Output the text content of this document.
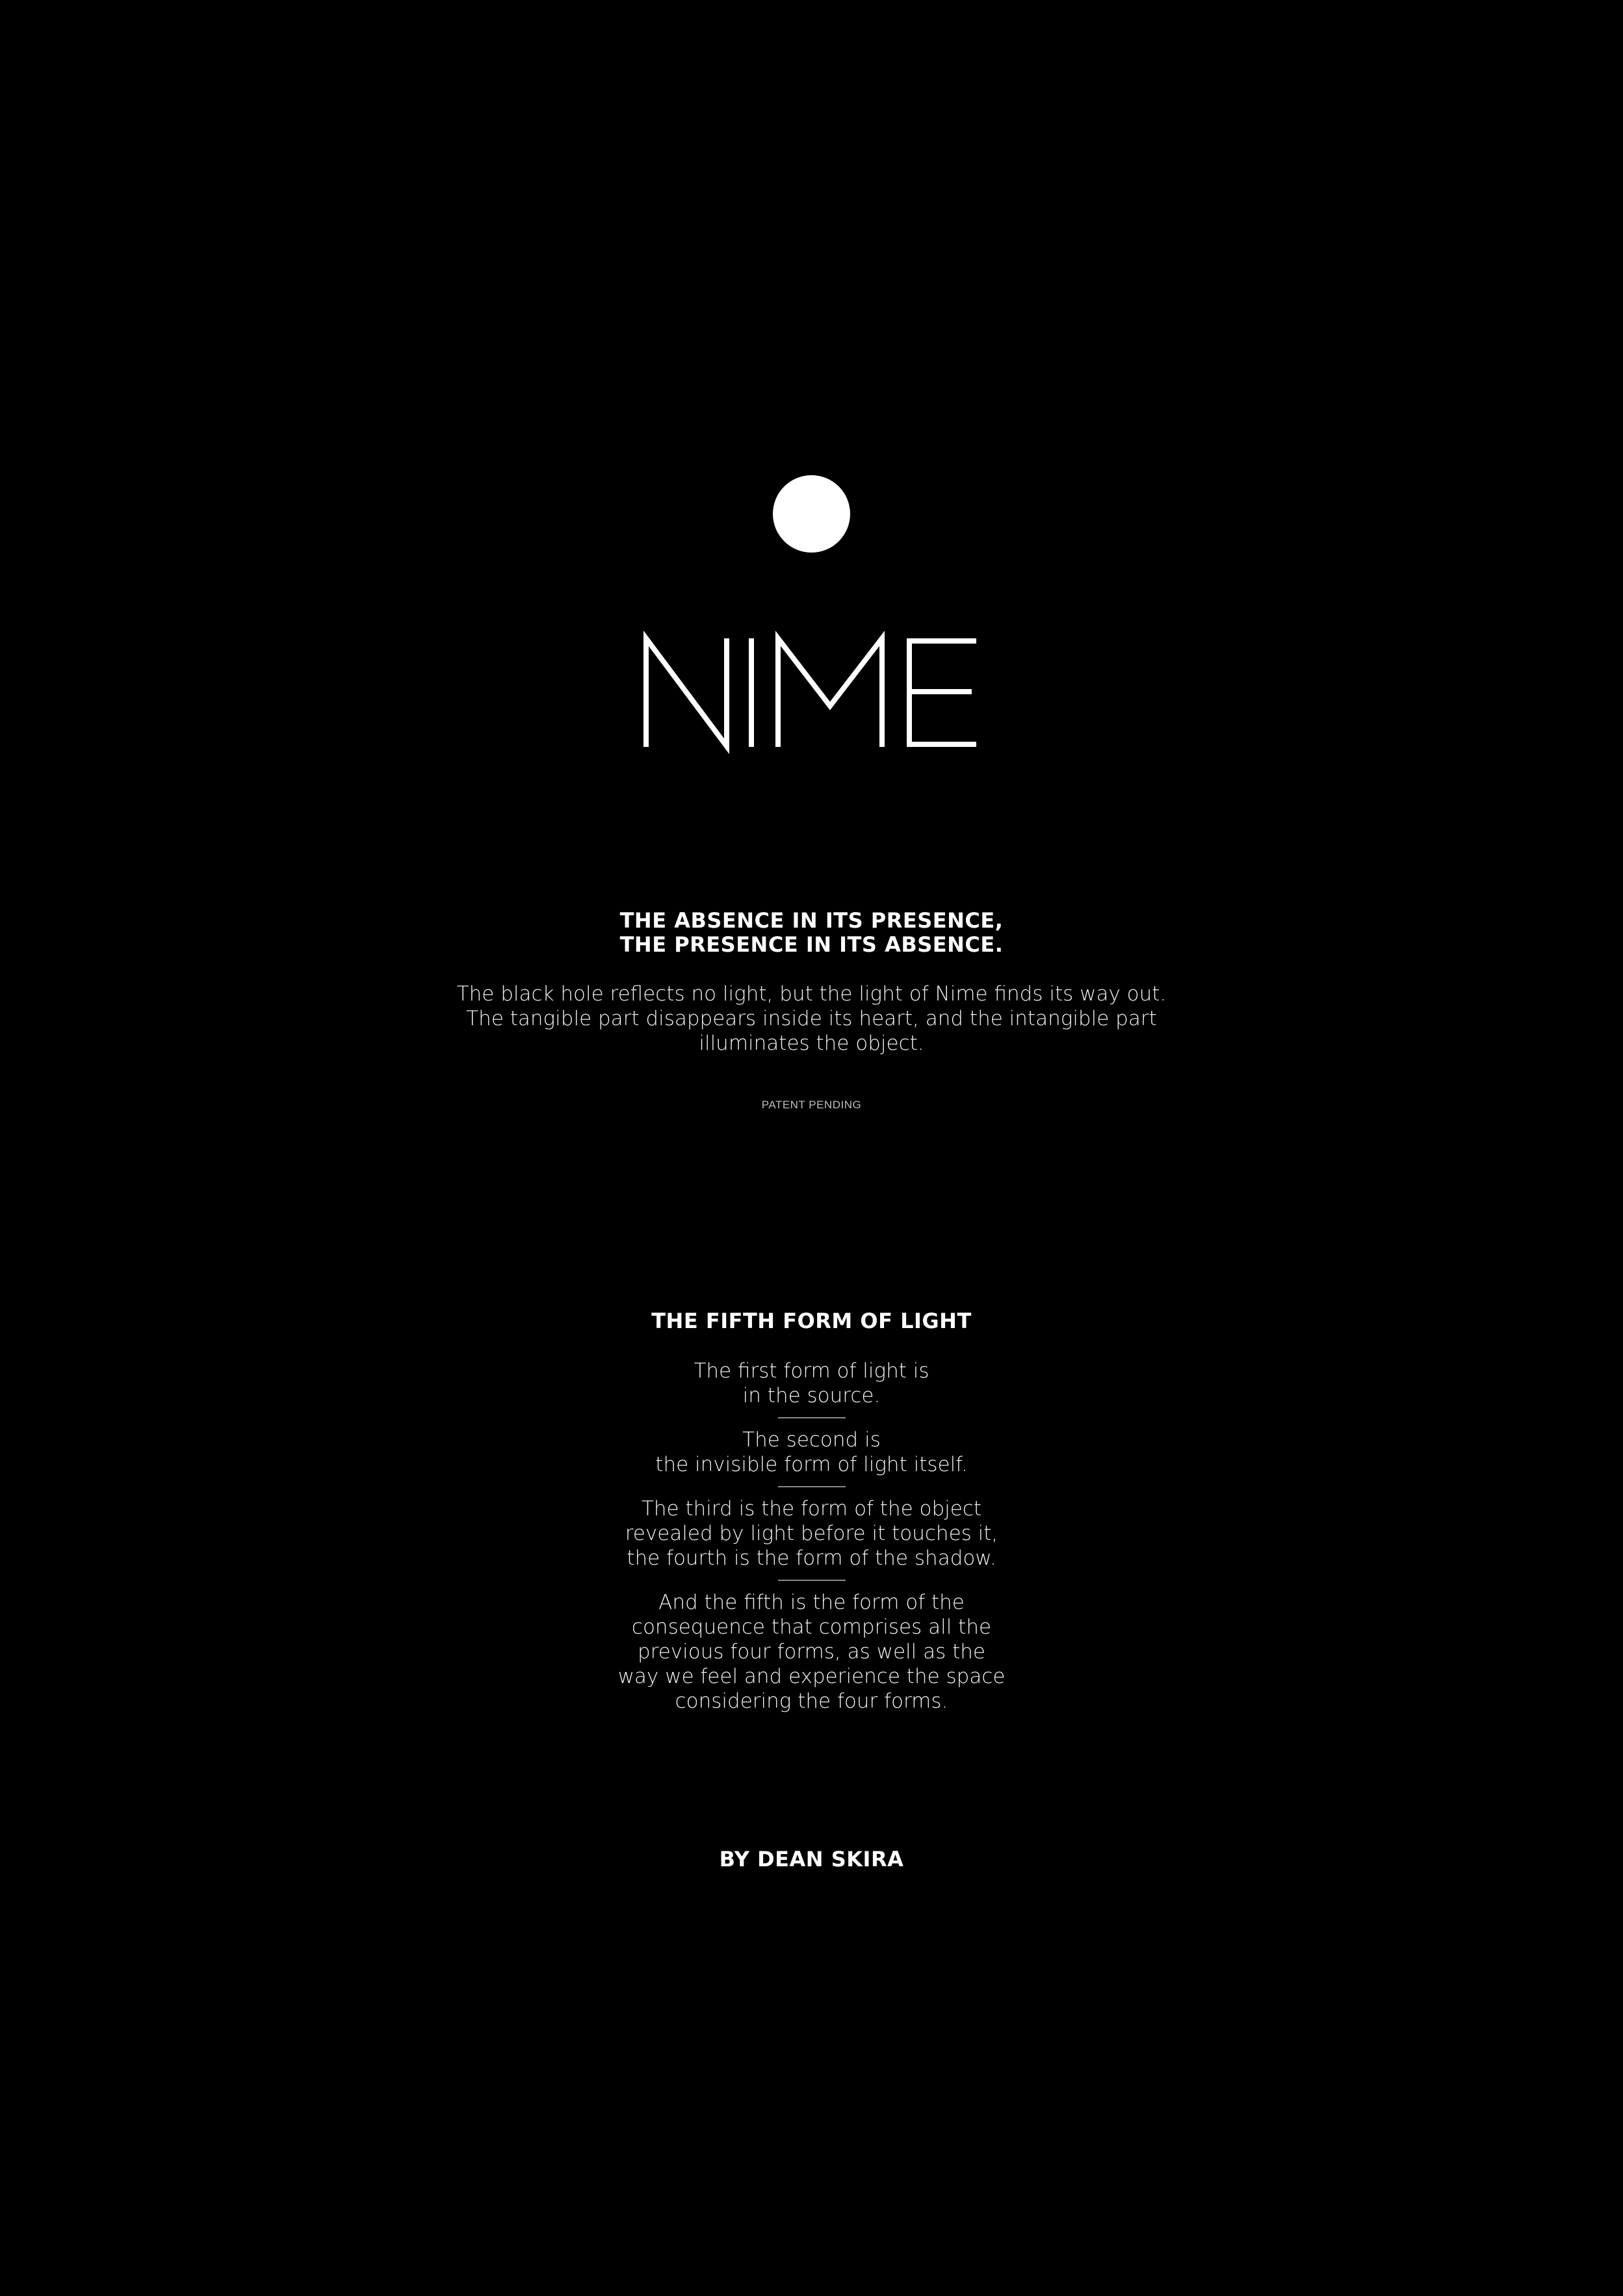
THE ABSENCE IN ITS PRESENCE,
THE PRESENCE IN ITS ABSENCE.
The black hole reflects no light, but the light of Nime finds its way out.
The tangible part disappears inside its heart, and the intangible part
illuminates the object.
PATENT PENDING
THE FIFTH FORM OF LIGHT
The first form of light is
in the source.
The second is
the invisible form of light itself.
The third is the form of the object
revealed by light before it touches it,
the fourth is the form of the shadow.
And the fifth is the form of the
consequence that comprises all the
previous four forms, as well as the
way we feel and experience the space
considering the four forms.
BY DEAN SKIRA
